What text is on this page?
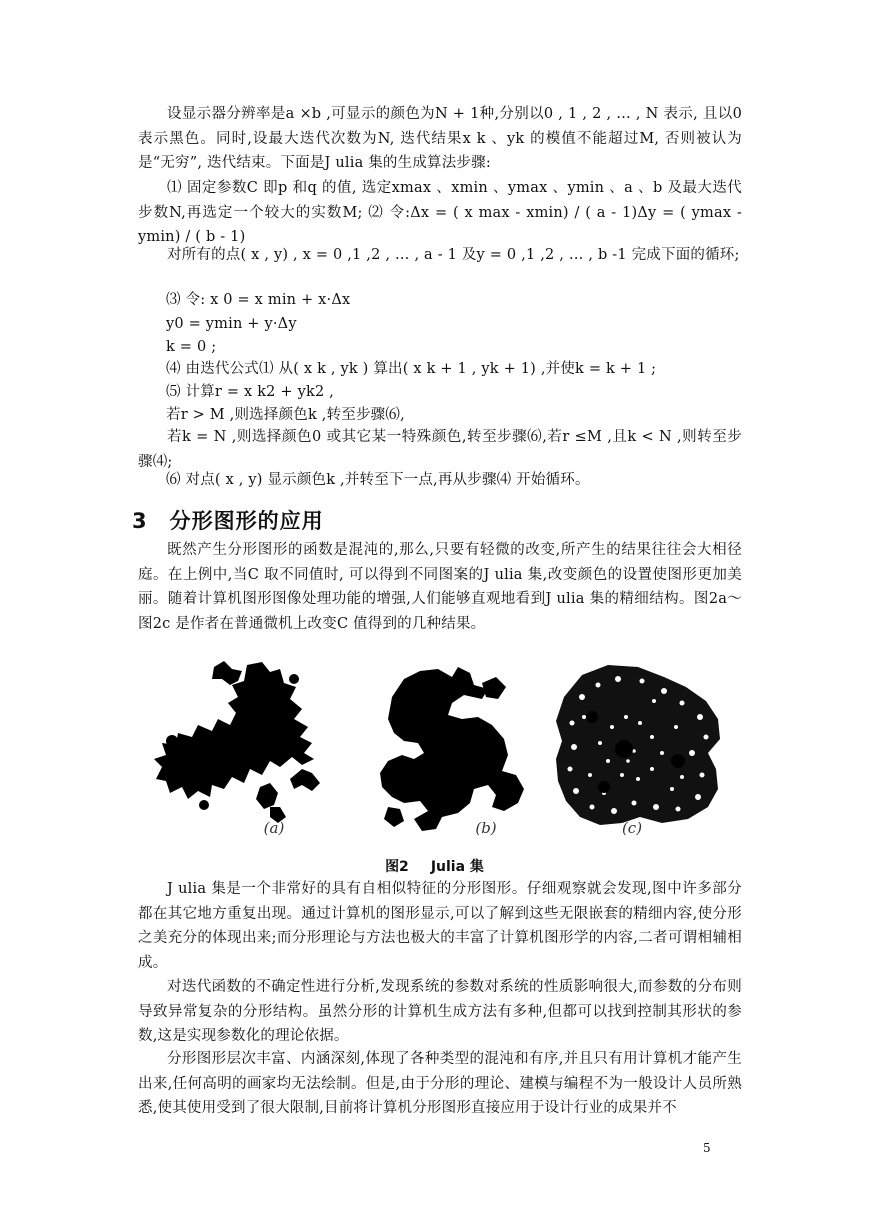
设显示器分辨率是a ×b ,可显示的颜色为N + 1种,分别以0 , 1 , 2 , … , N 表示, 且以0 表示黑色。同时,设最大迭代次数为N, 迭代结果x k 、yk 的模值不能超过M, 否则被认为是“无穷”, 迭代结束。下面是J ulia 集的生成算法步骤:

⑴ 固定参数C 即p 和q 的值, 选定xmax 、xmin 、ymax 、ymin 、a 、b 及最大迭代步数N,再选定一个较大的实数M; ⑵ 令:Δx = ( x max - xmin) / ( a - 1)Δy = ( ymax - ymin) / ( b - 1)

对所有的点( x , y) , x = 0 ,1 ,2 , … , a - 1 及y = 0 ,1 ,2 , … , b -1 完成下面的循环;

⑶ 令: x 0 = x min + x·Δx

y0 = ymin + y·Δy

k = 0 ;

⑷ 由迭代公式⑴ 从( x k , yk ) 算出( x k + 1 , yk + 1) ,并使k = k + 1 ;

⑸ 计算r = x k2 + yk2 ,

若r > M ,则选择颜色k ,转至步骤⑹,

若k = N ,则选择颜色0 或其它某一特殊颜色,转至步骤⑹,若r ≤M ,且k < N ,则转至步骤⑷;

⑹ 对点( x , y) 显示颜色k ,并转至下一点,再从步骤⑷ 开始循环。

3 分形图形的应用

既然产生分形图形的函数是混沌的,那么,只要有轻微的改变,所产生的结果往往会大相径庭。在上例中,当C 取不同值时, 可以得到不同图案的J ulia 集,改变颜色的设置使图形更加美丽。随着计算机图形图像处理功能的增强,人们能够直观地看到J ulia 集的精细结构。图2a～图2c 是作者在普通微机上改变C 值得到的几种结果。

(a)	(b)	(c)

图2 Julia 集

J ulia 集是一个非常好的具有自相似特征的分形图形。仔细观察就会发现,图中许多部分都在其它地方重复出现。通过计算机的图形显示,可以了解到这些无限嵌套的精细内容,使分形之美充分的体现出来;而分形理论与方法也极大的丰富了计算机图形学的内容,二者可谓相辅相成。

对迭代函数的不确定性进行分析,发现系统的参数对系统的性质影响很大,而参数的分布则导致异常复杂的分形结构。虽然分形的计算机生成方法有多种,但都可以找到控制其形状的参数,这是实现参数化的理论依据。

分形图形层次丰富、内涵深刻,体现了各种类型的混沌和有序,并且只有用计算机才能产生出来,任何高明的画家均无法绘制。但是,由于分形的理论、建模与编程不为一般设计人员所熟悉,使其使用受到了很大限制,目前将计算机分形图形直接应用于设计行业的成果并不

5
